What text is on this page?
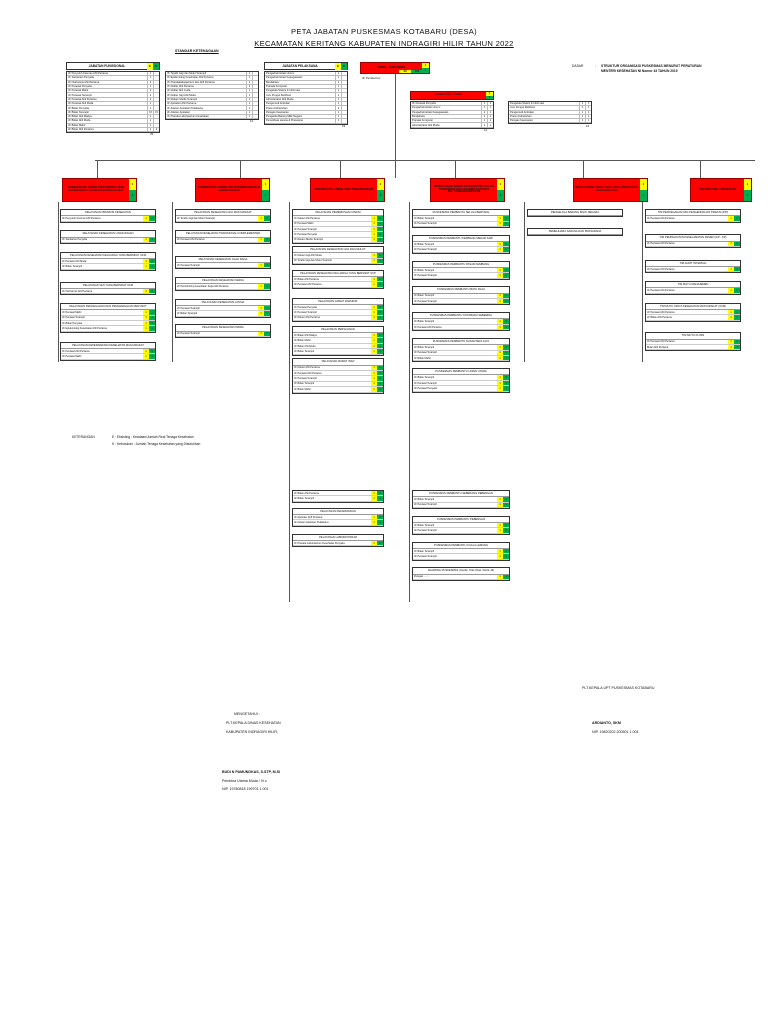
PETA JABATAN PUSKESMAS KOTABARU (DESA)
KECAMATAN KERITANG KABUPATEN INDRAGIRI HILIR TAHUN 2022
STANDAR KETENAGAAN
JABATAN FUNGSIONAL	E	K
JF Penyuluh Kesmas Ahli Pertama	1
JF Sanitarian Penyelia	1
JF Nutrisionis Ahli Pertama	1
JF Perawat Penyelia	1
JF Perawat Mahir	2
JF Perawat Terampil	2
JF Perawat Ahli Pertama	2
JF Perawat Ahli Muda	1
JF Bidan Penyelia	1
JF Bidan Terampil	15	15
JF Bidan Ahli Madya	1
JF Bidan Ahli Muda	1
JF Bidan Mahir	1
JF Bidan Ahli Pertama	1	2
33
JF Terafis Gigi dan Mulut Terampil	1
JF Epidemiolog Kesehatan Ahli Pertama	1
JF Pranatalaboratorium Kes Ahli Pertama	1
JF Dokter Ahli Pertama	2
JF Dokter Ahli muda	1
JF Dokter Gigi Ahli Muda	1
JF Rekam Medis Terampil	1
JF Apoteker Ahli Pertama	1
JF Asisten Apoteker Pelaksana	1
JF Asisten Apoteker	1
JF Pranata Laboratorium Kesehatan	1
14
JABATAN PELAKSANA	E	K
Pengadministrasi Umum	1
Pengadministrasi Kepegawaian	1
Bendahara	1
Pranata Komputer	1
Pengelola Sistem & Informasi	1
Juru Pungut Retribusi	1
Administrator Ahli Muda	1
Pengemudi Ambulan	1
Pramu Kebersihan	2
Petugas Keamanan	1
Pengelola Barang Milik Negara	1
Pemelihara sarana & Prasarana	1
19
KEPALA PUSKESMAS
1
1
30	121
JF Penata Kes
KEPALA TATA USAHA	1
1
JF Perawat Penyelia	1	1
Pengadministrasi Umum	1	1
Pengadministrasi Kepegawaian	2	1
Bendahara	2	1
Pranata Komputer	1	1
Administrator Ahli Muda	1	1
12
Pengelola Sistem & Informasi	1	1
Juru Pungut Retribusi	1	1
Pengemudi Ambulan	1	1
Pramu Kebersihan	1	1
Petugas Keamanan	1	1
15
PENANGGUNG JAWAB UKM ESENSIAL DAN KEPERAWATAN KESEHATAN MASYARAKAT
1
1
PENANGGUNG JAWAB UKP, KEFARMASIAN DAN LABORATORIUM
1
1
PENANGGUNG JAWAB UKM PENGEMBANGAN
1
1
PENANGGUNG JAWAB JARINGAN PELAYANAN PUSKESMAS DAN JEJARING FASILITAS PELAYANAN KESEHATAN
1
1
PENANGGUNG JAWAB BANGUNAN, PRASARANA DAN PERALATAN
1
1
PENANGGUNG JAWAB MUTU
1
1
PELAYANAN PROMOSI KESEHATAN
JF Penyuluh Kesmas Ahli Pertama	1	1
PELAYANAN KESEHATAN LINGKUNGAN
JF Sanitarian Penyelia	1	1
PELAYANAN KESEHATAN KELUARGA YANG BERSIFAT UKM
JF Perawat Ahli Muda	1	1
JF Bidan Terampil	1	1
PELAYANAN GIZI YANG BERSIFAT UKM
JF Nutrisionis Ahli Pertama	1	1
PELAYANAN PENCEGAHAN DAN PENGENDALIAN PENYAKIT
JF Perawat Mahir	1	1
JF Perawat Terampil	1	1
JF Bidan Penyelia	1	1
JF Epidemiolog Kesehatan Ahli Pertama	1	1
PELAYANAN KEPERAWATAN KESEHATAN MASYARAKAT
JF Perawat Ahli Pertama	1	1
JF Perawat Mahir	1	1
PELAYANAN KESEHATAN GIGI MASYARAKAT
JF Terafis Gigi dan Mulut Terampil	1	1
PELAYANAN KESEHATAN TRADISIONAL KOMPLEMENTER
JF Perawat Ahli Pertama	1	1
PELAYANAN KESEHATAN OLAH RAGA
JF Perawat Terampil	1	1
PELAYANAN KESEHATAN KERJA
JF Pembimbing Kesehatan Kerja Ahli Pertama	1	1
PELAYANAN KESEHATAN LANSIA
JF Perawat Terampil	1	1
JF Bidan Terampil	1	1
PELAYANAN KESEHATAN INDRA
JF Perawat Terampil	1	1
PELAYANAN PEMERIKSAAN UMUM
JF Dokter Ahli Pertama	1	1
JF Perawat Mahir	1	1
JF Perawat Terampil	1	1
JF Perawat Penyelia	1	1
JF Rekam Medis Terampil	1	1
PELAYANAN KESEHATAN GIGI DAN MULUT
JF Dokter Gigi Ahli Muda	1	1
JF Terafis Gigi dan Mulut Terampil	1	1
PELAYANAN KESEHATAN KELUARGA YANG BERSIFAT UKP
JF Bidan Ahli Pertama	1	1
JF Perawat Ahli Pertama	1	1
PELAYANAN GAWAT DARURAT
JF Perawat Penyelia	1	1
JF Perawat Terampil	1	1
JF Dokter Ahli Pertama	1	1
PELAYANAN PERSALINAN
JF Bidan Ahli Madya	1	1
JF Bidan Mahir	1	1
JF Bidan Ahli Muda	1	1
JF Bidan Terampil	1	1
PELAYANAN RAWAT INAP
JF Dokter Ahli Pertama	1	1
JF Perawat Ahli Pertama	1	1
JF Perawat Terampil	1	1
JF Bidan Terampil	1	1
JF Bidan Mahir	1	1
JF Bidan Ahli Pertama	1	1
JF Bidan Terampil	1	1
PELAYANAN KEFARMASIAN
JF Apoteker Ahli Pertama	1	1
JF Asisten Apoteker Pelaksana	1	1
PELAYANAN LABORATORIUM
JF Pranata Laboratorium Kesehatan Penyelia	1	1
PUSKESMAS PEMBANTU SELULA BERTANG
JF Bidan Terampil	1	1
JF Perawat Terampil	1	1
PUSKESMAS PEMBANTU KEMBANG MEKAR SARI
JF Bidan Terampil	1	1
JF Perawat Terampil	1	1
PUSKESMAS PEMBANTU PASAR KEMBANG
JF Bidan Terampil	1	1
JF Perawat Terampil	1	1
PUSKESMAS PEMBANTU BATU RAJA
JF Bidan Terampil	1	1
JF Perawat Terampil	1	1
PUSKESMAS PEMBANTU KOTABARU SEBERIDA
JF Bidan Terampil	1	1
JF Perawat Ahli Pertama	1	1
PUSKESMAS PEMBANTU NUSANTARA JAYA
JF Bidan Terampil	1	1
JF Perawat Terampil	1	1
JF Bidan Mahir	1	1
PUSKESMAS PEMBANTU LINDAI UTARA
JF Bidan Terampil	1	1
JF Perawat Terampil	1	1
JF Perawat Penyelia	1	1
PUSKESMAS PEMBANTU SEBERANG PEBENGAN
JF Bidan Terampil	1	1
JF Perawat Terampil	1	1
PUSKESMAS PEMBANTU PEBENGAN
JF Bidan Terampil	1	1
JF Perawat Terampil	1	1
PUSKESMAS PEMBANTU KUALA LEMANG
JF Bidan Terampil	1	1
JF Perawat Terampil	1	1
JEJARING PUSKESMAS (Apotik, Toko Obat, Klinik, dll)
Petugas ........	1	1
PENGELOLA BARANG MILIK NEGARA
PEMELIHARA SARANA DAN PRASARANA
TIM PENCEGAHAN DAN PENGENDALIAN INFEKSI (PPI)
JF Perawat Ahli Pertama	1	1
TIM PENINGKATAN KESELAMATAN PASIEN (KP - KP)
JF Perawat Ahli Pertama	1	1
TIM AUDIT INTERNAL
JF Perawat Ahli Pertama	1	1
TIM MUTU MANAJEMEN
JF Perawat Ahli Pertama	1	1
TIM MUTU UPAYA KESEHATAN MASYARAKAT (UKM)
JF Perawat Ahli Pertama	1	1
JF Bidan Ahli Pertama	1	1
TIM MUTU KLINIS
JF Perawat Ahli Pertama	1	1
Bidan Ahli Pertama	1	1
DASAR	: STRUKTUR ORGANISASI PUSKESMAS MENURUT PERATURAN
MENTERI KESEHATAN NI Nomor 43 TAHUN 2019
KETERANGAN	E : Eksisting : Keadaan/Jumlah Real Tenaga Kesehatan
K : Kebutuhan : Jumlah Tenaga Kesehatan yang Dibutuhkan
PLT.KEPALA UPT PUSKESMAS KOTABARU
ARDIANTO, SKM
NIP. 19820202 200501 1 004
MENGETAHUI :
PLT.KEPALA DINAS KESEHATAN
KABUPATEN INDRAGIRI HILIR,
BUDI N PAMUNGKAS, S.STP, M.SI
Pembina Utama Muda / IV.c
NIP. 19780818 199701 1 001
